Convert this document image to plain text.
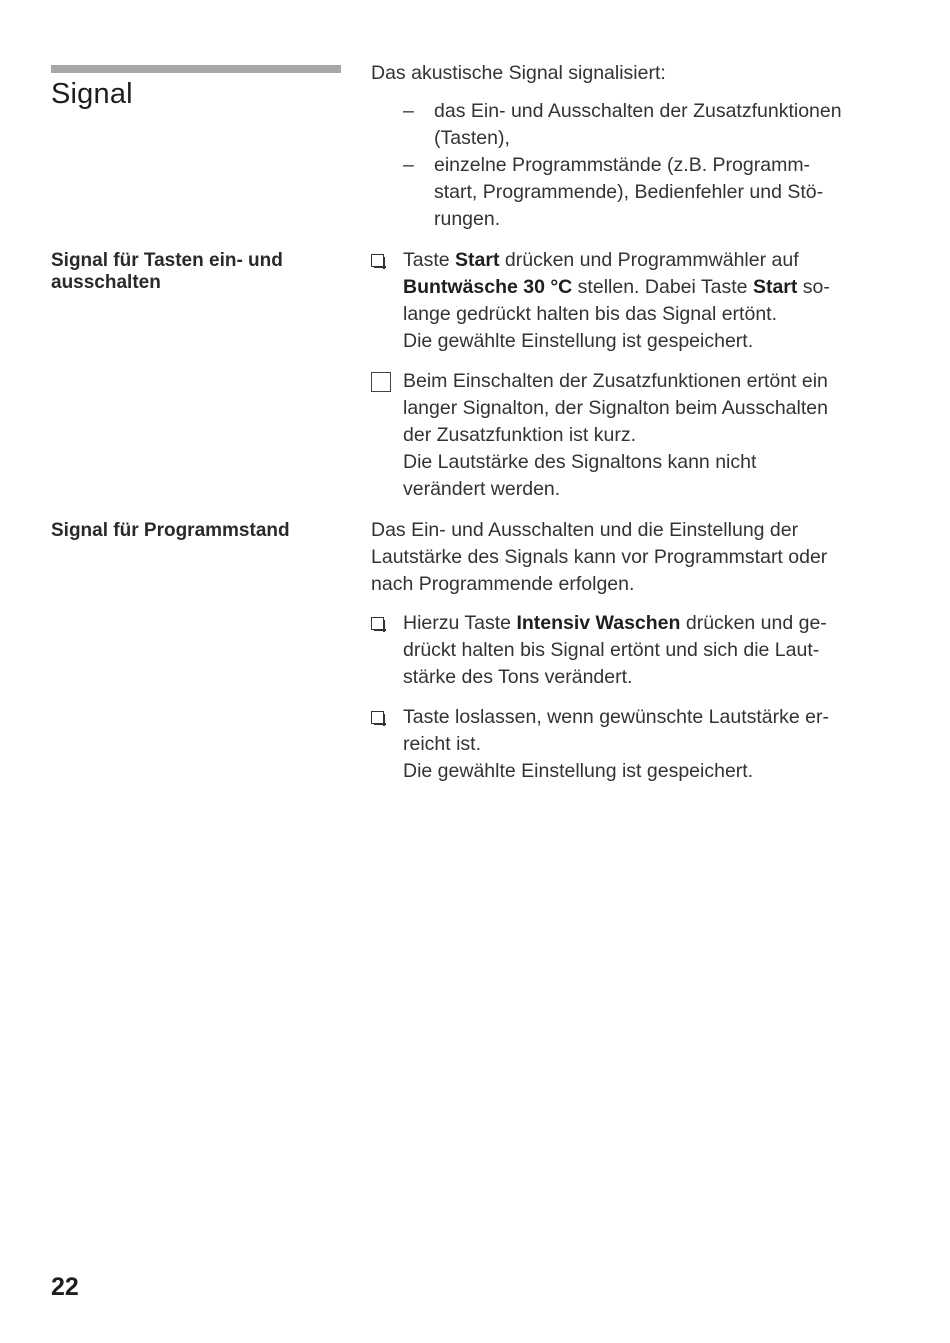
Signal

Das akustische Signal signalisiert:

– das Ein- und Ausschalten der Zusatzfunktionen
(Tasten),
– einzelne Programmstände (z.B. Programm-
start, Programmende), Bedienfehler und Stö-
rungen.
Signal für Tasten ein- und
ausschalten
Taste Start drücken und Programmwähler auf
Buntwäsche 30 °C stellen. Dabei Taste Start so-
lange gedrückt halten bis das Signal ertönt.
Die gewählte Einstellung ist gespeichert.
Beim Einschalten der Zusatzfunktionen ertönt ein
langer Signalton, der Signalton beim Ausschalten
der Zusatzfunktion ist kurz.
Die Lautstärke des Signaltons kann nicht
verändert werden.
Signal für Programmstand	Das Ein- und Ausschalten und die Einstellung der
Lautstärke des Signals kann vor Programmstart oder
nach Programmende erfolgen.

Hierzu Taste Intensiv Waschen drücken und ge-
drückt halten bis Signal ertönt und sich die Laut-
stärke des Tons verändert.
Taste loslassen, wenn gewünschte Lautstärke er-
reicht ist.
Die gewählte Einstellung ist gespeichert.
22
